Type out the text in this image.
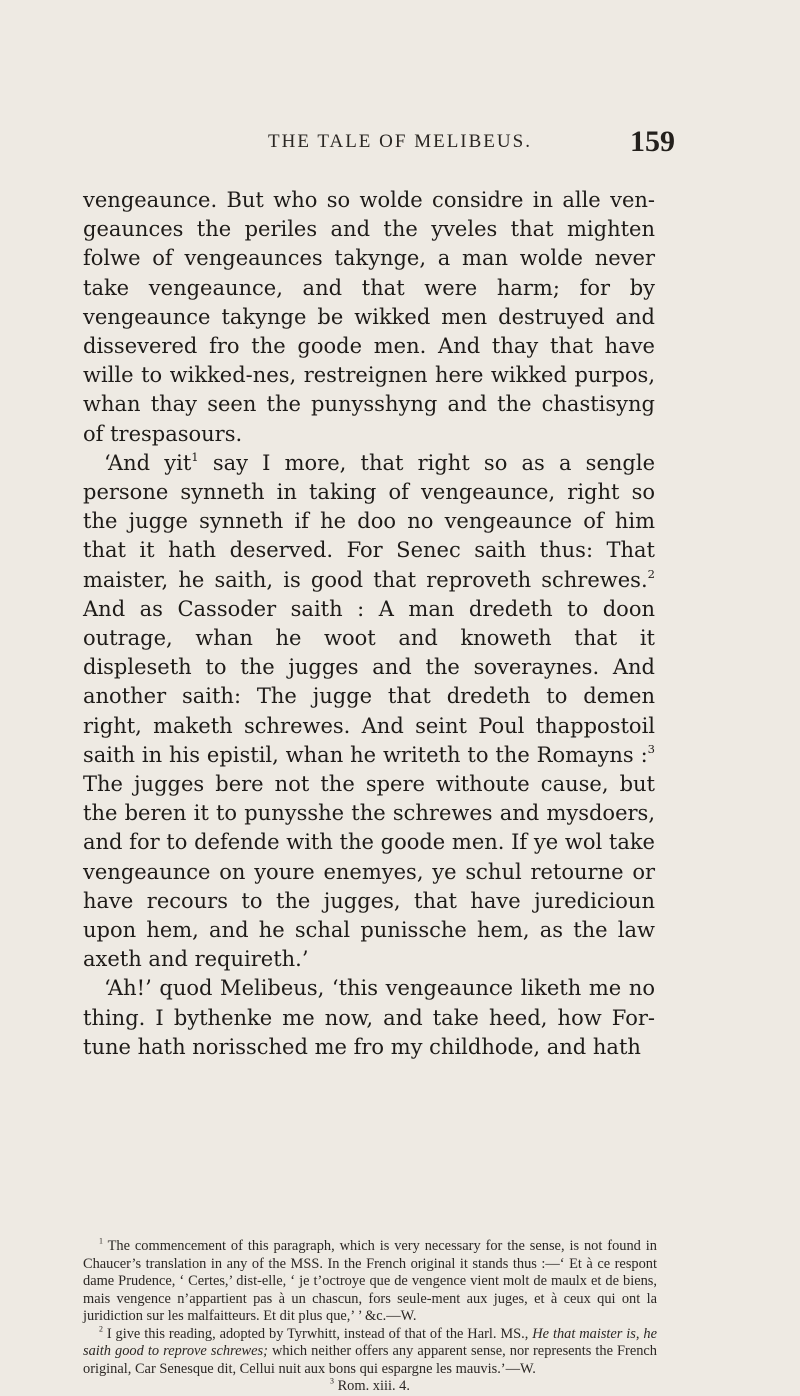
THE TALE OF MELIBEUS.	159

vengeaunce. But who so wolde considre in alle ven-geaunces the periles and the yveles that mighten folwe of vengeaunces takynge, a man wolde never take vengeaunce, and that were harm; for by vengeaunce takynge be wikked men destruyed and dissevered fro the goode men. And thay that have wille to wikked-nes, restreignen here wikked purpos, whan thay seen the punysshyng and the chastisyng of trespasours.

‘And yit$^1$ say I more, that right so as a sengle persone synneth in taking of vengeaunce, right so the jugge synneth if he doo no vengeaunce of him that it hath deserved. For Senec saith thus: That maister, he saith, is good that reproveth schrewes.$^2$ And as Cassoder saith : A man dredeth to doon outrage, whan he woot and knoweth that it displeseth to the jugges and the soveraynes. And another saith: The jugge that dredeth to demen right, maketh schrewes. And seint Poul thappostoil saith in his epistil, whan he writeth to the Romayns :$^3$ The jugges bere not the spere withoute cause, but the beren it to punysshe the schrewes and mysdoers, and for to defende with the goode men. If ye wol take vengeaunce on youre enemyes, ye schul retourne or have recours to the jugges, that have juredicioun upon hem, and he schal punissche hem, as the law axeth and requireth.’

‘Ah!’ quod Melibeus, ‘this vengeaunce liketh me no thing. I bythenke me now, and take heed, how For-tune hath norissched me fro my childhode, and hath

$^1$ The commencement of this paragraph, which is very necessary for the sense, is not found in Chaucer’s translation in any of the MSS. In the French original it stands thus :—‘ Et à ce respont dame Prudence, ‘ Certes,’ dist-elle, ‘ je t’octroye que de vengence vient molt de maulx et de biens, mais vengence n’appartient pas à un chascun, fors seule-ment aux juges, et à ceux qui ont la juridiction sur les malfaitteurs. Et dit plus que,’ ’ &c.—W.

$^2$ I give this reading, adopted by Tyrwhitt, instead of that of the Harl. MS., He that maister is, he saith good to reprove schrewes; which neither offers any apparent sense, nor represents the French original, Car Senesque dit, Cellui nuit aux bons qui espargne les mauvis.’—W.

$^3$ Rom. xiii. 4.
